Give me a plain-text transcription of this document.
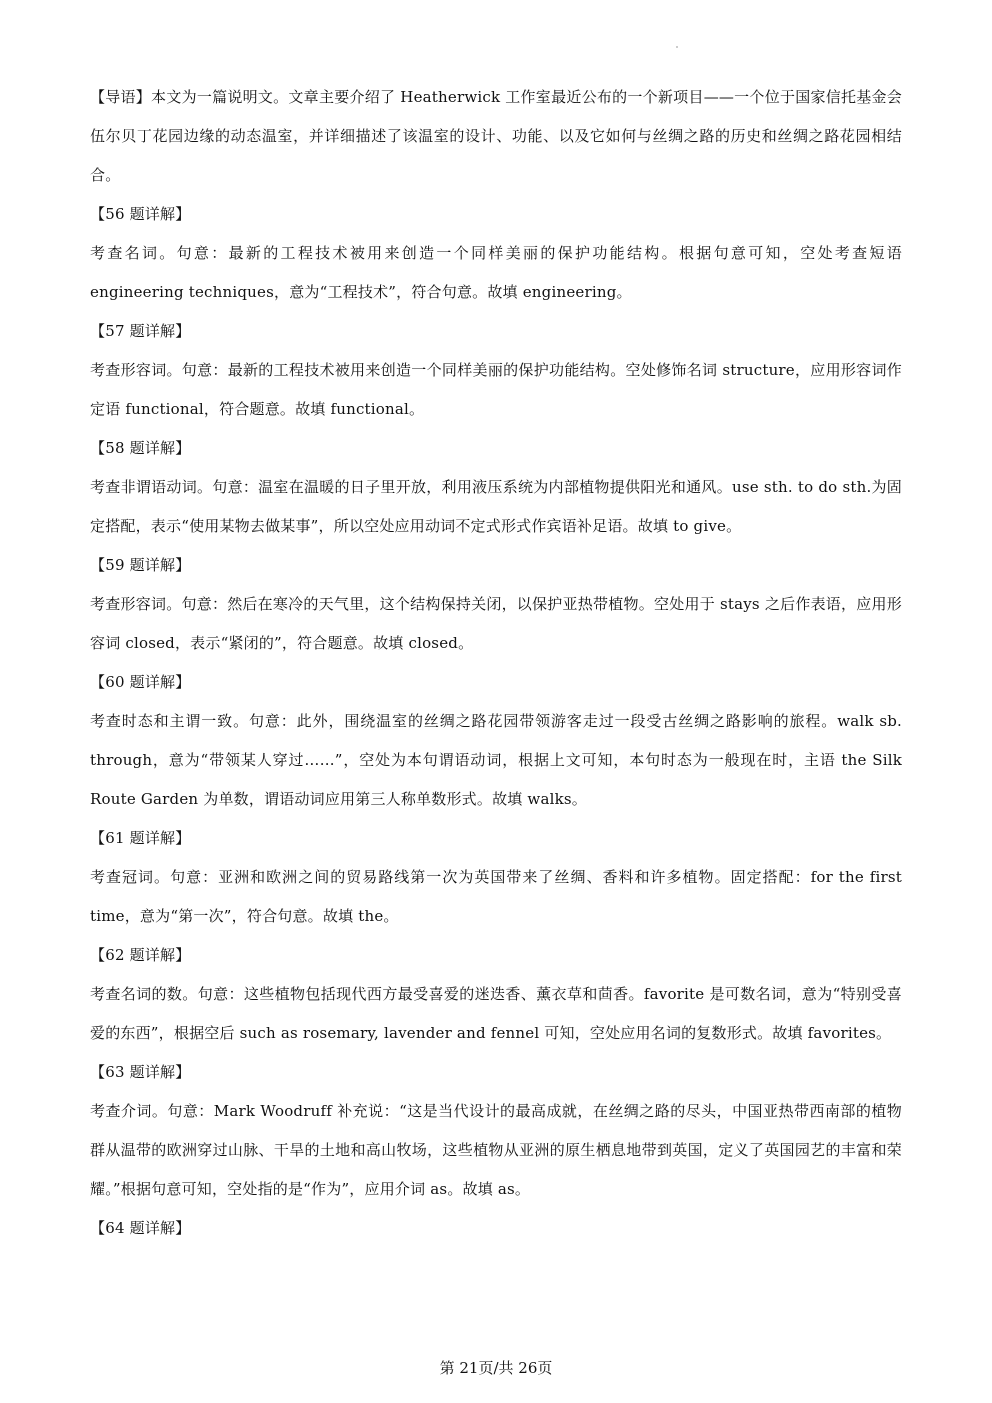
【导语】本文为一篇说明文。文章主要介绍了 Heatherwick 工作室最近公布的一个新项目——一个位于国家信托基金会伍尔贝丁花园边缘的动态温室，并详细描述了该温室的设计、功能、以及它如何与丝绸之路的历史和丝绸之路花园相结合。

【56 题详解】

考查名词。句意：最新的工程技术被用来创造一个同样美丽的保护功能结构。根据句意可知，空处考查短语 engineering techniques，意为“工程技术”，符合句意。故填 engineering。

【57 题详解】

考查形容词。句意：最新的工程技术被用来创造一个同样美丽的保护功能结构。空处修饰名词 structure，应用形容词作定语 functional，符合题意。故填 functional。

【58 题详解】

考查非谓语动词。句意：温室在温暖的日子里开放，利用液压系统为内部植物提供阳光和通风。use sth. to do sth.为固定搭配，表示“使用某物去做某事”，所以空处应用动词不定式形式作宾语补足语。故填 to give。

【59 题详解】

考查形容词。句意：然后在寒冷的天气里，这个结构保持关闭，以保护亚热带植物。空处用于 stays 之后作表语，应用形容词 closed，表示“紧闭的”，符合题意。故填 closed。

【60 题详解】

考查时态和主谓一致。句意：此外，围绕温室的丝绸之路花园带领游客走过一段受古丝绸之路影响的旅程。walk sb. through，意为“带领某人穿过……”，空处为本句谓语动词，根据上文可知，本句时态为一般现在时，主语 the Silk Route Garden 为单数，谓语动词应用第三人称单数形式。故填 walks。

【61 题详解】

考查冠词。句意：亚洲和欧洲之间的贸易路线第一次为英国带来了丝绸、香料和许多植物。固定搭配：for the first time，意为“第一次”，符合句意。故填 the。

【62 题详解】

考查名词的数。句意：这些植物包括现代西方最受喜爱的迷迭香、薰衣草和茴香。favorite 是可数名词，意为“特别受喜爱的东西”，根据空后 such as rosemary, lavender and fennel 可知，空处应用名词的复数形式。故填 favorites。

【63 题详解】

考查介词。句意：Mark Woodruff 补充说：“这是当代设计的最高成就，在丝绸之路的尽头，中国亚热带西南部的植物群从温带的欧洲穿过山脉、干旱的土地和高山牧场，这些植物从亚洲的原生栖息地带到英国，定义了英国园艺的丰富和荣耀。”根据句意可知，空处指的是“作为”，应用介词 as。故填 as。

【64 题详解】

第 21页/共 26页
